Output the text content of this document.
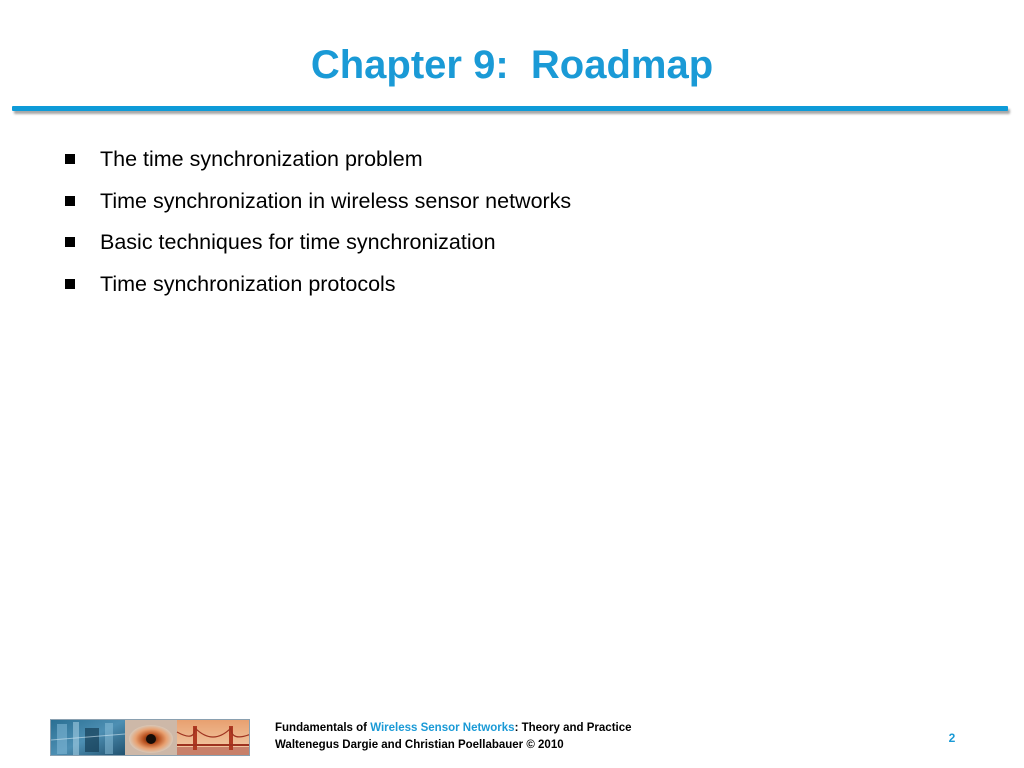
Chapter 9:  Roadmap
The time synchronization problem
Time synchronization in wireless sensor networks
Basic techniques for time synchronization
Time synchronization protocols
Fundamentals of Wireless Sensor Networks: Theory and Practice
Waltenegus Dargie and Christian Poellabauer © 2010	2
